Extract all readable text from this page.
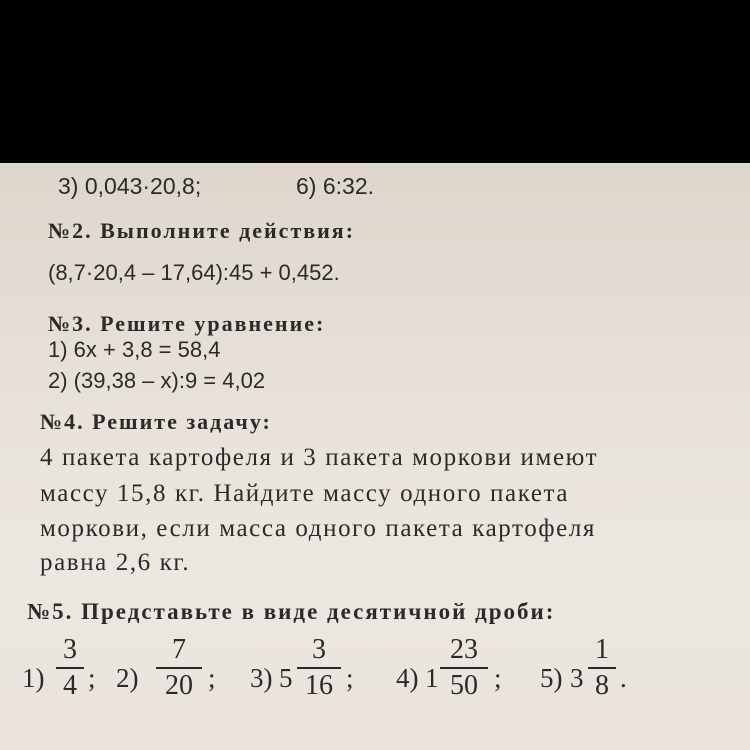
3) 0,043·20,8;	6) 6:32.
№2. Выполните действия:
(8,7·20,4 – 17,64):45 + 0,452.
№3. Решите уравнение:
1) 6x + 3,8 = 58,4
2) (39,38 – x):9 = 4,02
№4. Решите задачу:
4 пакета картофеля и 3 пакета моркови имеют
массу 15,8 кг. Найдите массу одного пакета
моркови, если масса одного пакета картофеля
равна 2,6 кг.
№5. Представьте в виде десятичной дроби:
1)
3
4 ; 2)
7
20 ; 3) 5
3
16 ; 4) 1
23
50 ; 5) 3
1
8 .
